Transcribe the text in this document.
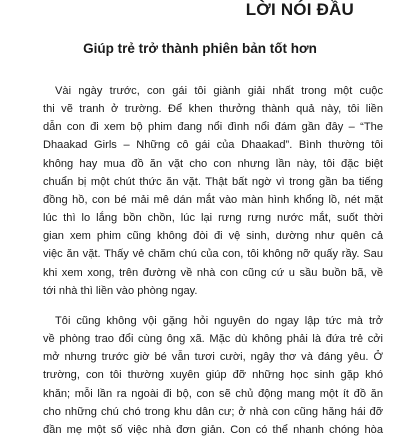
LỜI NÓI ĐẦU
Giúp trẻ trở thành phiên bản tốt hơn
Vài ngày trước, con gái tôi giành giải nhất trong một cuộc
thi vẽ tranh ở trường. Để khen thưởng thành quả này, tôi liền
dẫn con đi xem bộ phim đang nổi đình nổi đám gần đây – “The
Dhaakad Girls – Những cô gái của Dhaakad”. Bình thường tôi
không hay mua đồ ăn vặt cho con nhưng lần này, tôi đặc biệt
chuẩn bị một chút thức ăn vặt. Thật bất ngờ vì trong gần ba tiếng
đồng hồ, con bé mải mê dán mắt vào màn hình khổng lồ, nét mặt
lúc thì lo lắng bồn chồn, lúc lại rưng rưng nước mắt, suốt thời
gian xem phim cũng không đòi đi vệ sinh, dường như quên cả
việc ăn vặt. Thấy vẻ chăm chú của con, tôi không nỡ quấy rầy. Sau
khi xem xong, trên đường về nhà con cũng cứ u sầu buồn bã, về
tới nhà thì liền vào phòng ngay.
Tôi cũng không vội gặng hỏi nguyên do ngay lập tức mà trở
về phòng trao đổi cùng ông xã. Mặc dù không phải là đứa trẻ cởi
mở nhưng trước giờ bé vẫn tươi cười, ngây thơ và đáng yêu. Ở
trường, con tôi thường xuyên giúp đỡ những học sinh gặp khó
khăn; mỗi lần ra ngoài đi bộ, con sẽ chủ động mang một ít đồ ăn
cho những chú chó trong khu dân cư; ở nhà con cũng hăng hái đỡ
đần mẹ một số việc nhà đơn giản. Con có thể nhanh chóng hòa
